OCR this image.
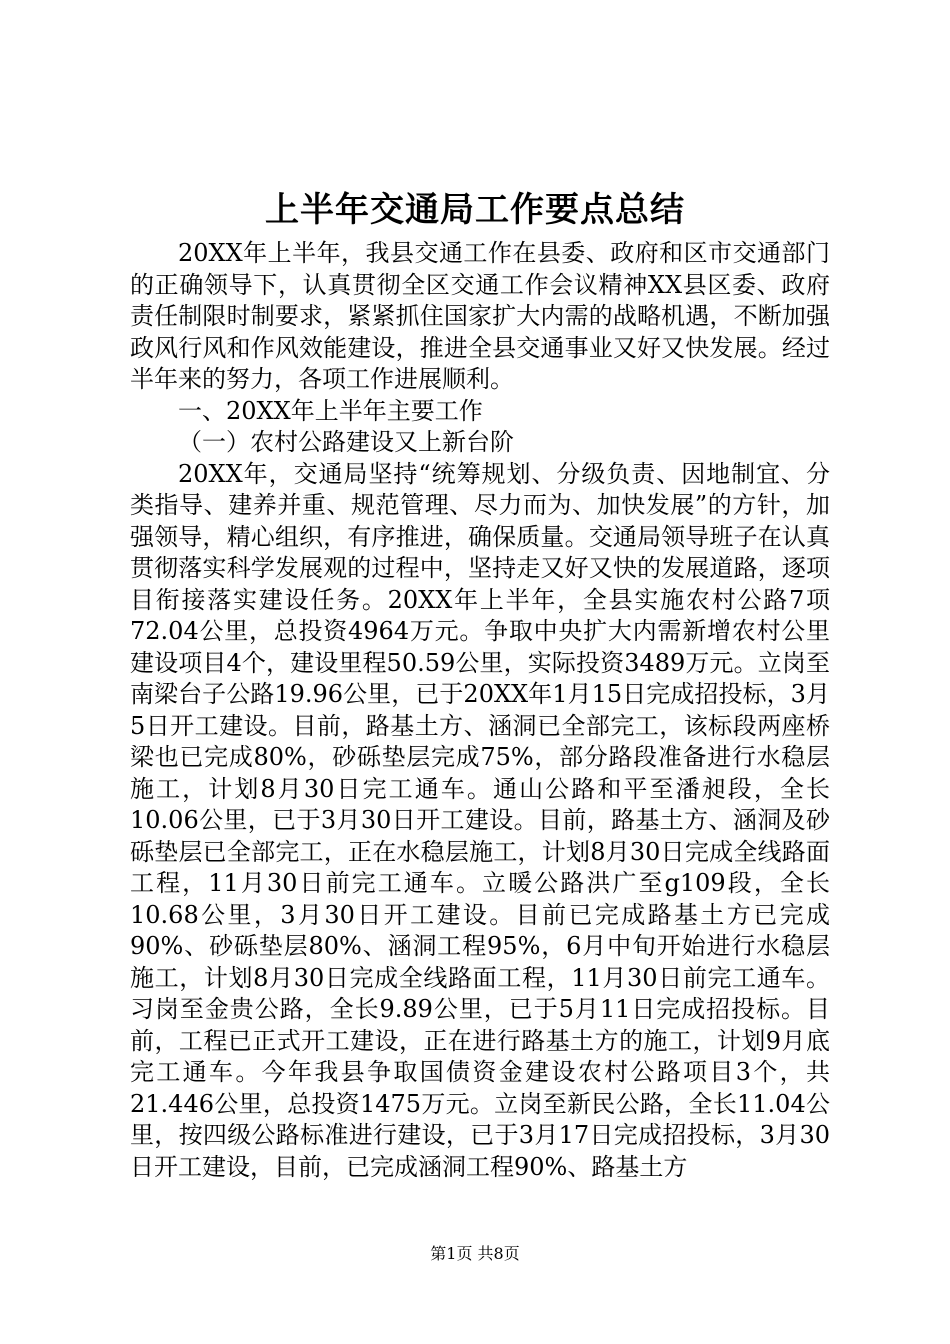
上半年交通局工作要点总结

20XX年上半年，我县交通工作在县委、政府和区市交通部门的正确领导下，认真贯彻全区交通工作会议精神XX县区委、政府责任制限时制要求，紧紧抓住国家扩大内需的战略机遇，不断加强政风行风和作风效能建设，推进全县交通事业又好又快发展。经过半年来的努力，各项工作进展顺利。

一、20XX年上半年主要工作

（一）农村公路建设又上新台阶

20XX年，交通局坚持“统筹规划、分级负责、因地制宜、分类指导、建养并重、规范管理、尽力而为、加快发展”的方针，加强领导，精心组织，有序推进，确保质量。交通局领导班子在认真贯彻落实科学发展观的过程中，坚持走又好又快的发展道路，逐项目衔接落实建设任务。20XX年上半年，全县实施农村公路7项72.04公里，总投资4964万元。争取中央扩大内需新增农村公里建设项目4个，建设里程50.59公里，实际投资3489万元。立岗至南梁台子公路19.96公里，已于20XX年1月15日完成招投标，3月5日开工建设。目前，路基土方、涵洞已全部完工，该标段两座桥梁也已完成80%，砂砾垫层完成75%，部分路段准备进行水稳层施工，计划8月30日完工通车。通山公路和平至潘昶段，全长10.06公里，已于3月30日开工建设。目前，路基土方、涵洞及砂砾垫层已全部完工，正在水稳层施工，计划8月30日完成全线路面工程，11月30日前完工通车。立暖公路洪广至g109段，全长10.68公里，3月30日开工建设。目前已完成路基土方已完成90%、砂砾垫层80%、涵洞工程95%，6月中旬开始进行水稳层施工，计划8月30日完成全线路面工程，11月30日前完工通车。习岗至金贵公路，全长9.89公里，已于5月11日完成招投标。目前，工程已正式开工建设，正在进行路基土方的施工，计划9月底完工通车。今年我县争取国债资金建设农村公路项目3个，共21.446公里，总投资1475万元。立岗至新民公路，全长11.04公里，按四级公路标准进行建设，已于3月17日完成招投标，3月30日开工建设，目前，已完成涵洞工程90%、路基土方

第1页 共8页
